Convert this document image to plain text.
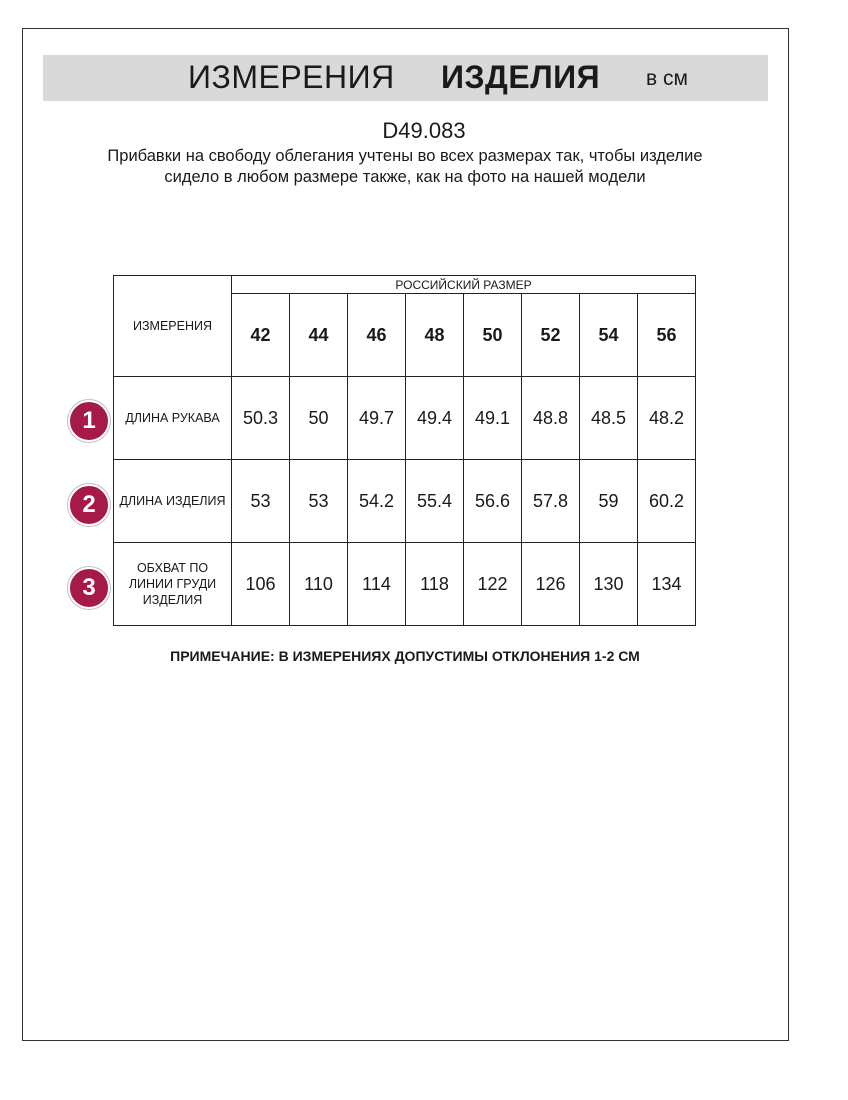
ИЗМЕРЕНИЯ ИЗДЕЛИЯ в см
D49.083
Прибавки на свободу облегания учтены во всех размерах так, чтобы изделие сидело в любом размере также, как на фото на нашей модели
ИЗМЕРЕНИЯ	РОССИЙСКИЙ РАЗМЕР							
	42	44	46	48	50	52	54	56
ДЛИНА РУКАВА	50.3	50	49.7	49.4	49.1	48.8	48.5	48.2
ДЛИНА ИЗДЕЛИЯ	53	53	54.2	55.4	56.6	57.8	59	60.2
ОБХВАТ ПО ЛИНИИ ГРУДИ ИЗДЕЛИЯ	106	110	114	118	122	126	130	134
1
2
3
ПРИМЕЧАНИЕ: В ИЗМЕРЕНИЯХ ДОПУСТИМЫ ОТКЛОНЕНИЯ 1-2 СМ
